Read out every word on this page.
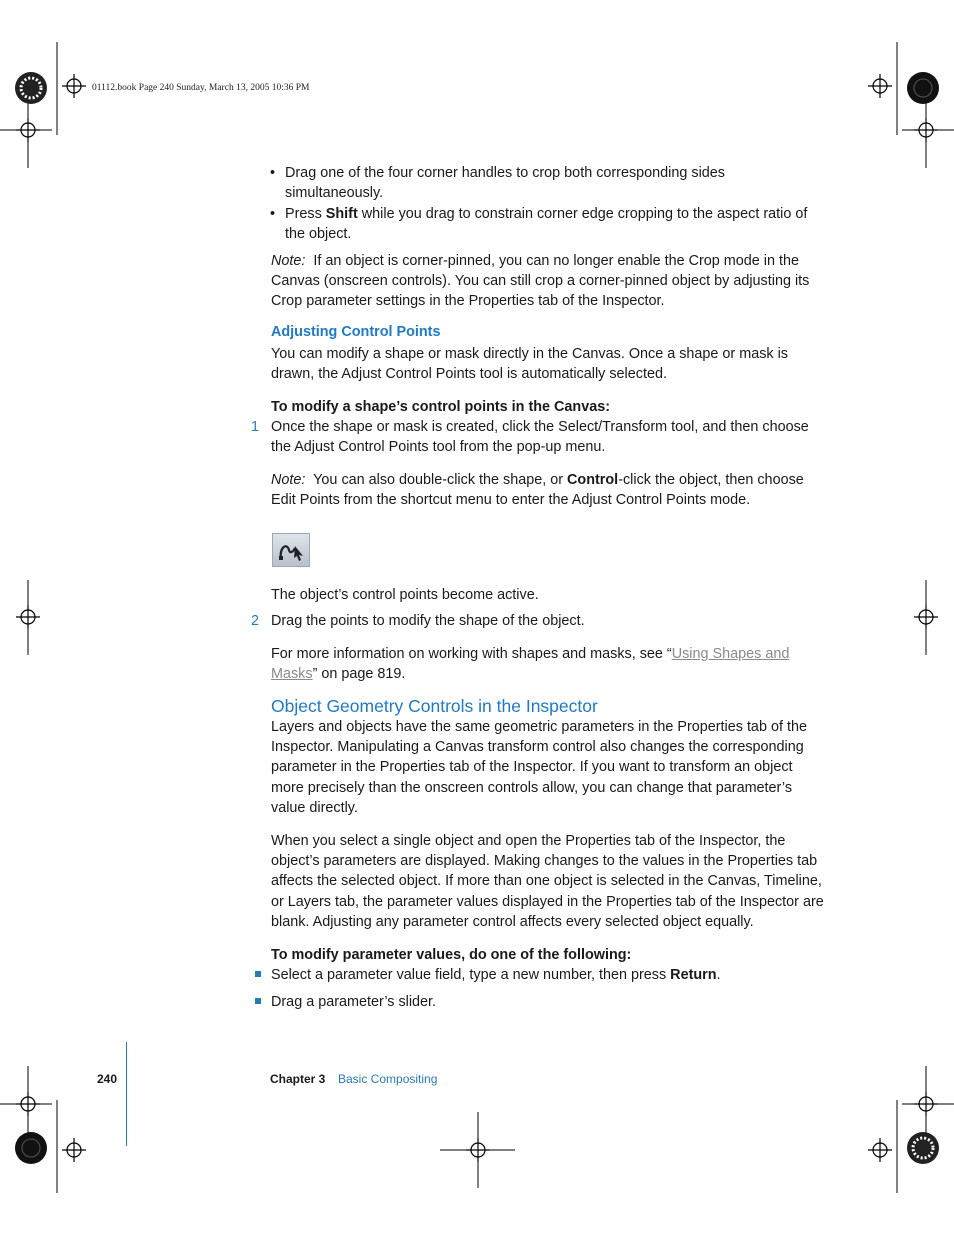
01112.book Page 240 Sunday, March 13, 2005 10:36 PM
• Drag one of the four corner handles to crop both corresponding sides simultaneously.
• Press Shift while you drag to constrain corner edge cropping to the aspect ratio of the object.
Note: If an object is corner-pinned, you can no longer enable the Crop mode in the Canvas (onscreen controls). You can still crop a corner-pinned object by adjusting its Crop parameter settings in the Properties tab of the Inspector.
Adjusting Control Points
You can modify a shape or mask directly in the Canvas. Once a shape or mask is drawn, the Adjust Control Points tool is automatically selected.
To modify a shape’s control points in the Canvas:
1 Once the shape or mask is created, click the Select/Transform tool, and then choose the Adjust Control Points tool from the pop-up menu.
Note: You can also double-click the shape, or Control-click the object, then choose Edit Points from the shortcut menu to enter the Adjust Control Points mode.
The object’s control points become active.
2 Drag the points to modify the shape of the object.
For more information on working with shapes and masks, see “Using Shapes and Masks” on page 819.
Object Geometry Controls in the Inspector
Layers and objects have the same geometric parameters in the Properties tab of the Inspector. Manipulating a Canvas transform control also changes the corresponding parameter in the Properties tab of the Inspector. If you want to transform an object more precisely than the onscreen controls allow, you can change that parameter’s value directly.
When you select a single object and open the Properties tab of the Inspector, the object’s parameters are displayed. Making changes to the values in the Properties tab affects the selected object. If more than one object is selected in the Canvas, Timeline, or Layers tab, the parameter values displayed in the Properties tab of the Inspector are blank. Adjusting any parameter control affects every selected object equally.
To modify parameter values, do one of the following:
Select a parameter value field, type a new number, then press Return.
Drag a parameter’s slider.
240	Chapter 3 Basic Compositing
